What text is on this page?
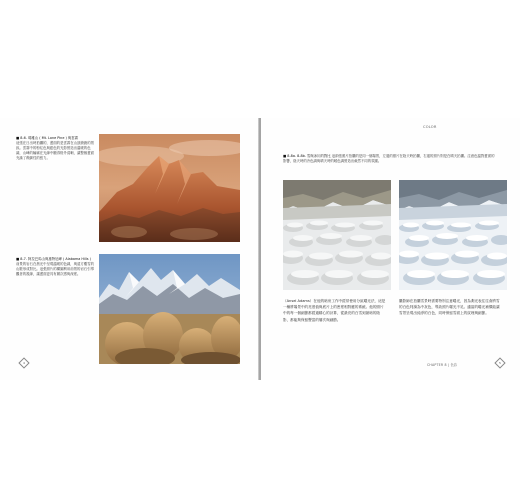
■ 8-6. 瑪雅山 ( Mt. Lone Pine ) 與雲霧
這張在日出時拍攝的，畫面的是雲霧在山頂繚繞的景致。雲霧中的粉紅色與藍色的光影營造出溫暖的色調，山峰的輪廓在光線中顯得格外清晰，讓整個畫面充滿了戲劇性的張力。
■ 8-7. 阿拉巴馬山與惠特尼峰 ( Alabama Hills )
前景的岩石在晨光中呈現溫暖的色調，與遠方覆雪的山脈形成對比。這張照片的構圖利用前景的岩石引導觀者的視線，讓畫面更具有層次感與深度。
4
COLOR
■ 8-8a. 8-8b. 雪與冰川的對比 這兩張照片拍攝的是同一個場景，左邊的照片在陰天時拍攝，右邊的照片則是在晴天拍攝。注意色溫對畫面的影響，陰天時的冷色調與晴天時的暖色調營造出截然不同的氛圍。
（Ansel Adams）在他的暗房工作中經常使用分區曝光法，這是一種將場景中的亮度值與底片上的密度相對應的系統。他的照片中的每一個細節都經過精心的計算，從最亮的白雪到最暗的陰影，都能夠保留豐富的層次與細節。
攝影師在拍攝雪景時需要特別注意曝光，因為測光表往往會將雪的白色判讀為中灰色，導致照片曝光不足。適當的曝光補償能讓雪景呈現出純淨的白色，同時保留雪面上的紋理與細節。
CHAPTER 8 | 色彩
5
